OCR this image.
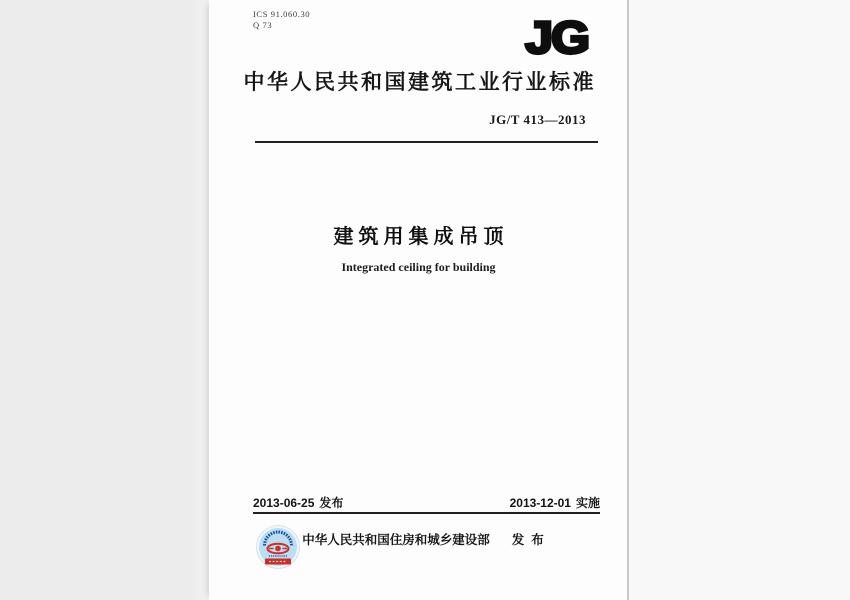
ICS 91.060.30
Q 73	JG
中华人民共和国建筑工业行业标准
JG/T 413—2013
建筑用集成吊顶
Integrated ceiling for building
2013-06-25 发布	2013-12-01 实施
中华人民共和国住房和城乡建设部 发布
